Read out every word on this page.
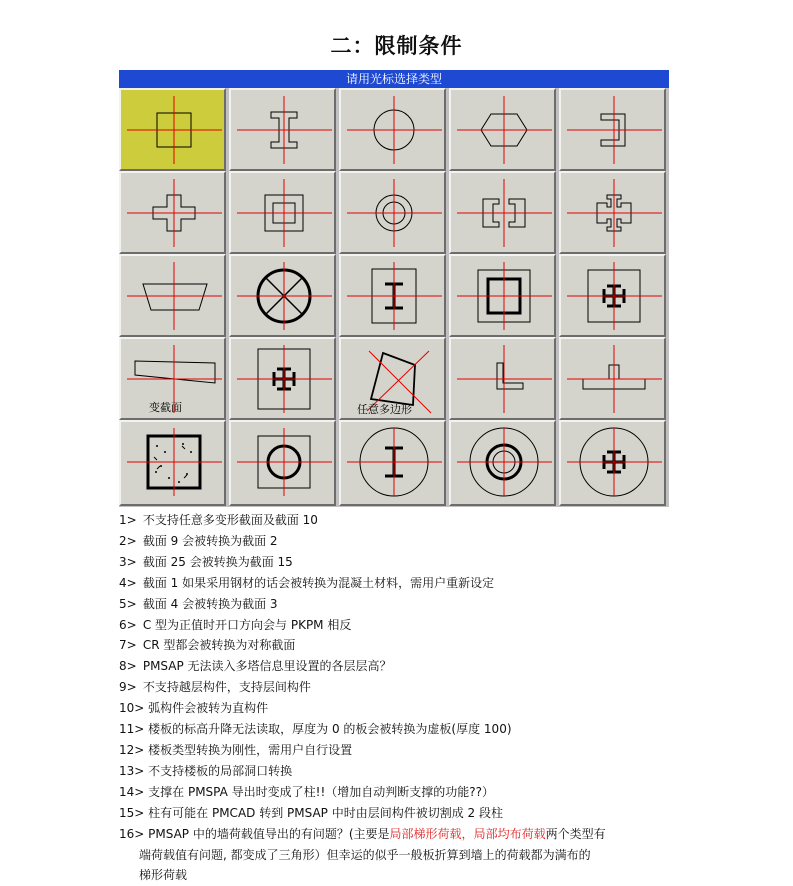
二：限制条件
请用光标选择类型
变截面	任意多边形
1> 不支持任意多变形截面及截面 10
2> 截面 9 会被转换为截面 2
3> 截面 25 会被转换为截面 15
4> 截面 1 如果采用钢材的话会被转换为混凝土材料，需用户重新设定
5> 截面 4 会被转换为截面 3
6> C 型为正值时开口方向会与 PKPM 相反
7> CR 型都会被转换为对称截面
8> PMSAP 无法读入多塔信息里设置的各层层高？
9> 不支持越层构件，支持层间构件
10> 弧构件会被转为直构件
11> 楼板的标高升降无法读取，厚度为 0 的板会被转换为虚板(厚度 100)
12> 楼板类型转换为刚性，需用户自行设置
13> 不支持楼板的局部洞口转换
14> 支撑在 PMSPA 导出时变成了柱!!（增加自动判断支撑的功能??）
15> 柱有可能在 PMCAD 转到 PMSAP 中时由层间构件被切割成 2 段柱
16> PMSAP 中的墙荷载值导出的有问题？(主要是局部梯形荷载，局部均布荷载两个类型有
端荷载值有问题, 都变成了三角形）但幸运的似乎一般板折算到墙上的荷载都为满布的
梯形荷载
